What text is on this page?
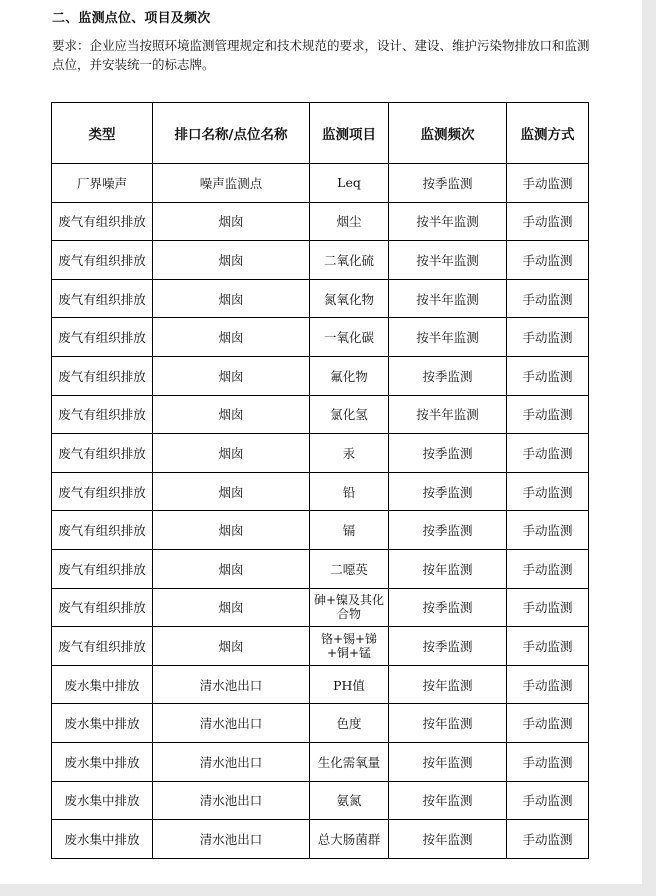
二、监测点位、项目及频次
要求：企业应当按照环境监测管理规定和技术规范的要求，设计、建设、维护污染物排放口和监测点位，并安装统一的标志牌。
类型	排口名称/点位名称	监测项目	监测频次	监测方式
厂界噪声	噪声监测点	Leq	按季监测	手动监测
废气有组织排放	烟囱	烟尘	按半年监测	手动监测
废气有组织排放	烟囱	二氧化硫	按半年监测	手动监测
废气有组织排放	烟囱	氮氧化物	按半年监测	手动监测
废气有组织排放	烟囱	一氧化碳	按半年监测	手动监测
废气有组织排放	烟囱	氟化物	按季监测	手动监测
废气有组织排放	烟囱	氯化氢	按半年监测	手动监测
废气有组织排放	烟囱	汞	按季监测	手动监测
废气有组织排放	烟囱	铅	按季监测	手动监测
废气有组织排放	烟囱	镉	按季监测	手动监测
废气有组织排放	烟囱	二噁英	按年监测	手动监测
废气有组织排放	烟囱	砷+镍及其化合物	按季监测	手动监测
废气有组织排放	烟囱	铬+锡+锑+铜+锰	按季监测	手动监测
废水集中排放	清水池出口	PH值	按年监测	手动监测
废水集中排放	清水池出口	色度	按年监测	手动监测
废水集中排放	清水池出口	生化需氧量	按年监测	手动监测
废水集中排放	清水池出口	氨氮	按年监测	手动监测
废水集中排放	清水池出口	总大肠菌群	按年监测	手动监测
